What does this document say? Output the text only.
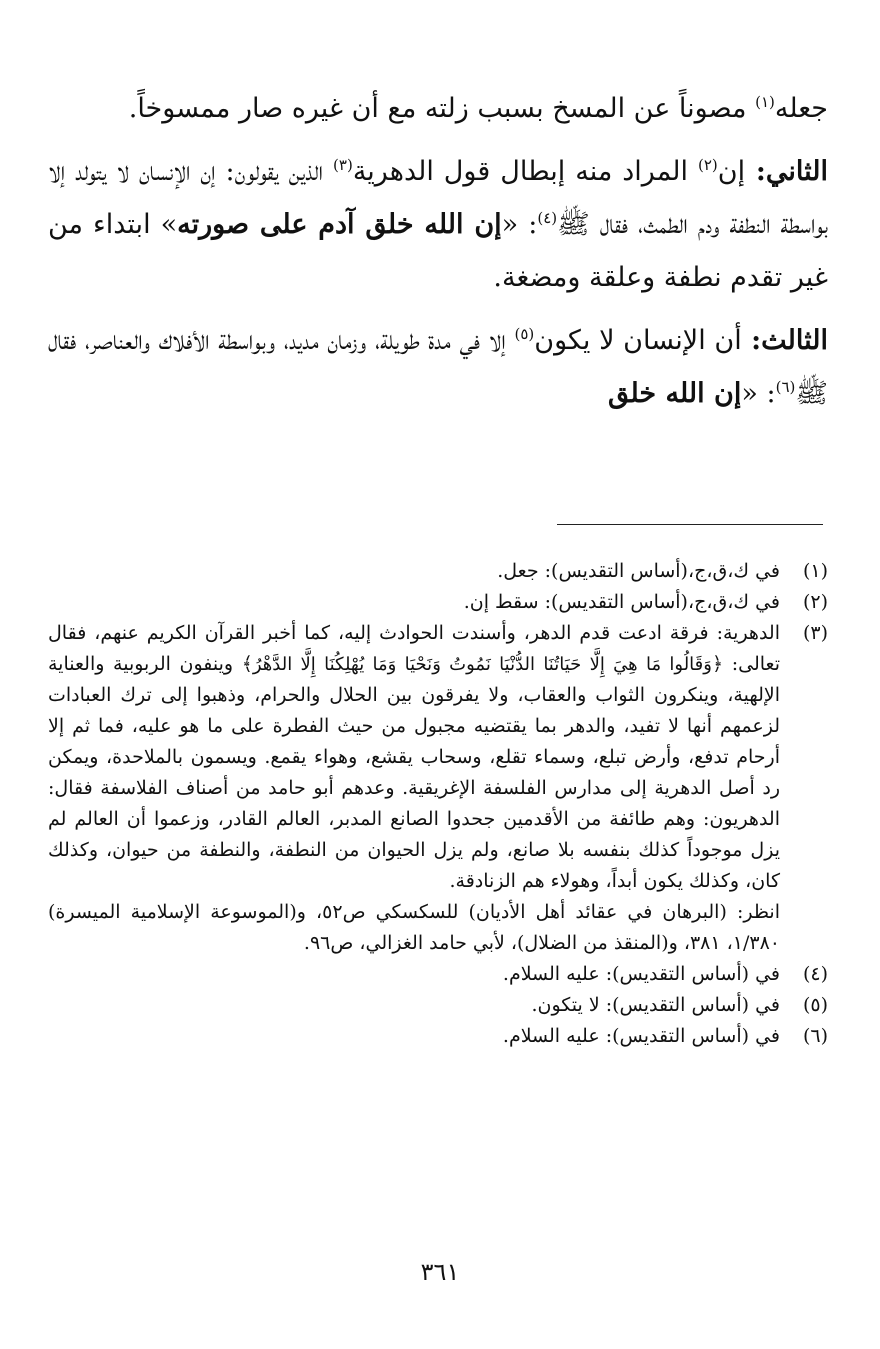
جعله$^{(١)}$ مصوناً عن المسخ بسبب زلته مع أن غيره صار ممسوخاً.

الثاني: إن$^{(٢)}$ المراد منه إبطال قول الدهرية$^{(٣)}$ الذين يقولون: إن الإنسان لا يتولد إلا بواسطة النطفة ودم الطمث، فقال ﷺ$^{(٤)}$: «إن الله خلق آدم على صورته» ابتداء من غير تقدم نطفة وعلقة ومضغة.

الثالث: أن الإنسان لا يكون$^{(٥)}$ إلا في مدة طويلة، وزمان مديد، وبواسطة الأفلاك والعناصر، فقال ﷺ$^{(٦)}$: «إن الله خلق

(١)
في ك،ق،ج،(أساس التقديس): جعل.
(٢)
في ك،ق،ج،(أساس التقديس): سقط إن.
(٣)
الدهرية: فرقة ادعت قدم الدهر، وأسندت الحوادث إليه، كما أخبر القرآن الكريم عنهم، فقال تعالى: ﴿وَقَالُوا مَا هِيَ إِلَّا حَيَاتُنَا الدُّنْيَا نَمُوتُ وَنَحْيَا وَمَا يُهْلِكُنَا إِلَّا الدَّهْرُ﴾ وينفون الربوبية والعناية الإلهية، وينكرون الثواب والعقاب، ولا يفرقون بين الحلال والحرام، وذهبوا إلى ترك العبادات لزعمهم أنها لا تفيد، والدهر بما يقتضيه مجبول من حيث الفطرة على ما هو عليه، فما ثم إلا أرحام تدفع، وأرض تبلع، وسماء تقلع، وسحاب يقشع، وهواء يقمع. ويسمون بالملاحدة، ويمكن رد أصل الدهرية إلى مدارس الفلسفة الإغريقية. وعدهم أبو حامد من أصناف الفلاسفة فقال: الدهريون: وهم طائفة من الأقدمين جحدوا الصانع المدبر، العالم القادر، وزعموا أن العالم لم يزل موجوداً كذلك بنفسه بلا صانع، ولم يزل الحيوان من النطفة، والنطفة من حيوان، وكذلك كان، وكذلك يكون أبداً، وهولاء هم الزنادقة.
انظر: (البرهان في عقائد أهل الأديان) للسكسكي ص٥٢، و(الموسوعة الإسلامية الميسرة) ١/٣٨٠، ٣٨١، و(المنقذ من الضلال)، لأبي حامد الغزالي، ص٩٦.
(٤)
في (أساس التقديس): عليه السلام.
(٥)
في (أساس التقديس): لا يتكون.
(٦)
في (أساس التقديس): عليه السلام.
٣٦١
